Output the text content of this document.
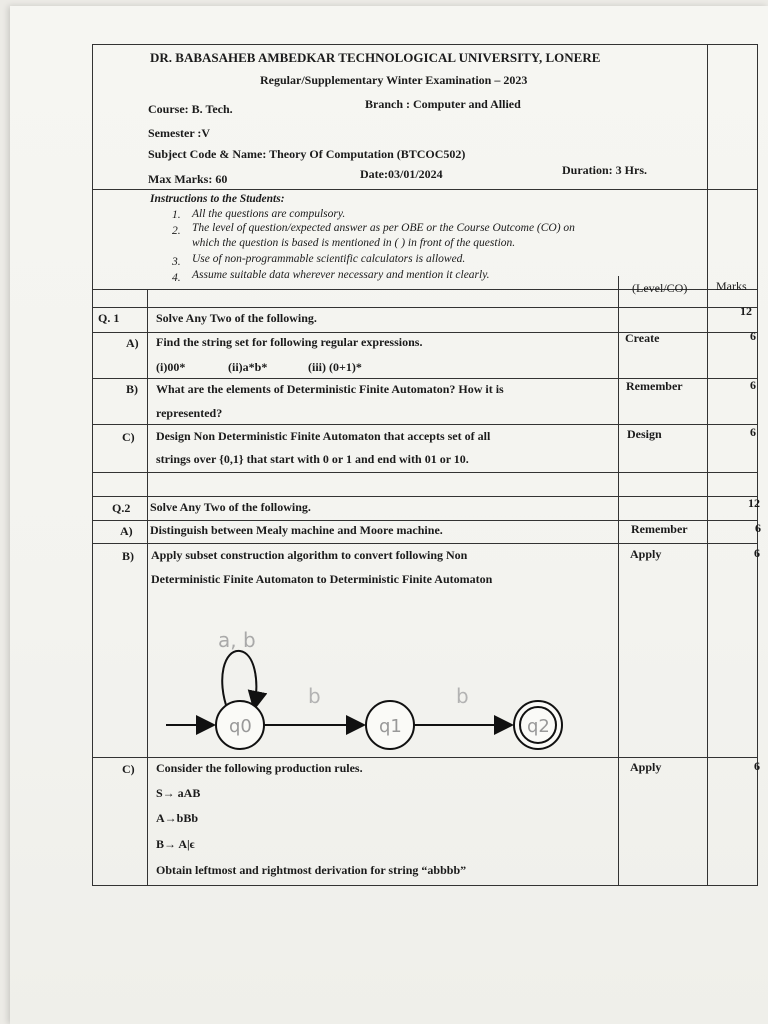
DR. BABASAHEB AMBEDKAR TECHNOLOGICAL UNIVERSITY, LONERE
Regular/Supplementary Winter Examination – 2023
Course: B. Tech.	Branch : Computer and Allied
Semester :V
Subject Code & Name: Theory Of Computation (BTCOC502)
Max Marks: 60	Date:03/01/2024	Duration: 3 Hrs.
Instructions to the Students:
1. All the questions are compulsory.
2. The level of question/expected answer as per OBE or the Course Outcome (CO) on
which the question is based is mentioned in ( ) in front of the question.
3. Use of non-programmable scientific calculators is allowed.
4. Assume suitable data wherever necessary and mention it clearly.
(Level/CO) Marks
Q. 1	Solve Any Two of the following.	12
A) Find the string set for following regular expressions.
(i)00*	(ii)a*b*	(iii) (0+1)*
Create	6
B) What are the elements of Deterministic Finite Automaton? How it is
represented?
Remember	6
C) Design Non Deterministic Finite Automaton that accepts set of all
strings over {0,1} that start with 0 or 1 and end with 01 or 10.
Design	6
Q.2 Solve Any Two of the following.	12
A) Distinguish between Mealy machine and Moore machine.	Remember	6
B) Apply subset construction algorithm to convert following Non
Deterministic Finite Automaton to Deterministic Finite Automaton
Apply	6
a, b
q0
b
q1
b
q2
C) Consider the following production rules.
S→ aAB
A→bBb
B→ A|ϵ
Obtain leftmost and rightmost derivation for string “abbbb”
Apply	6
